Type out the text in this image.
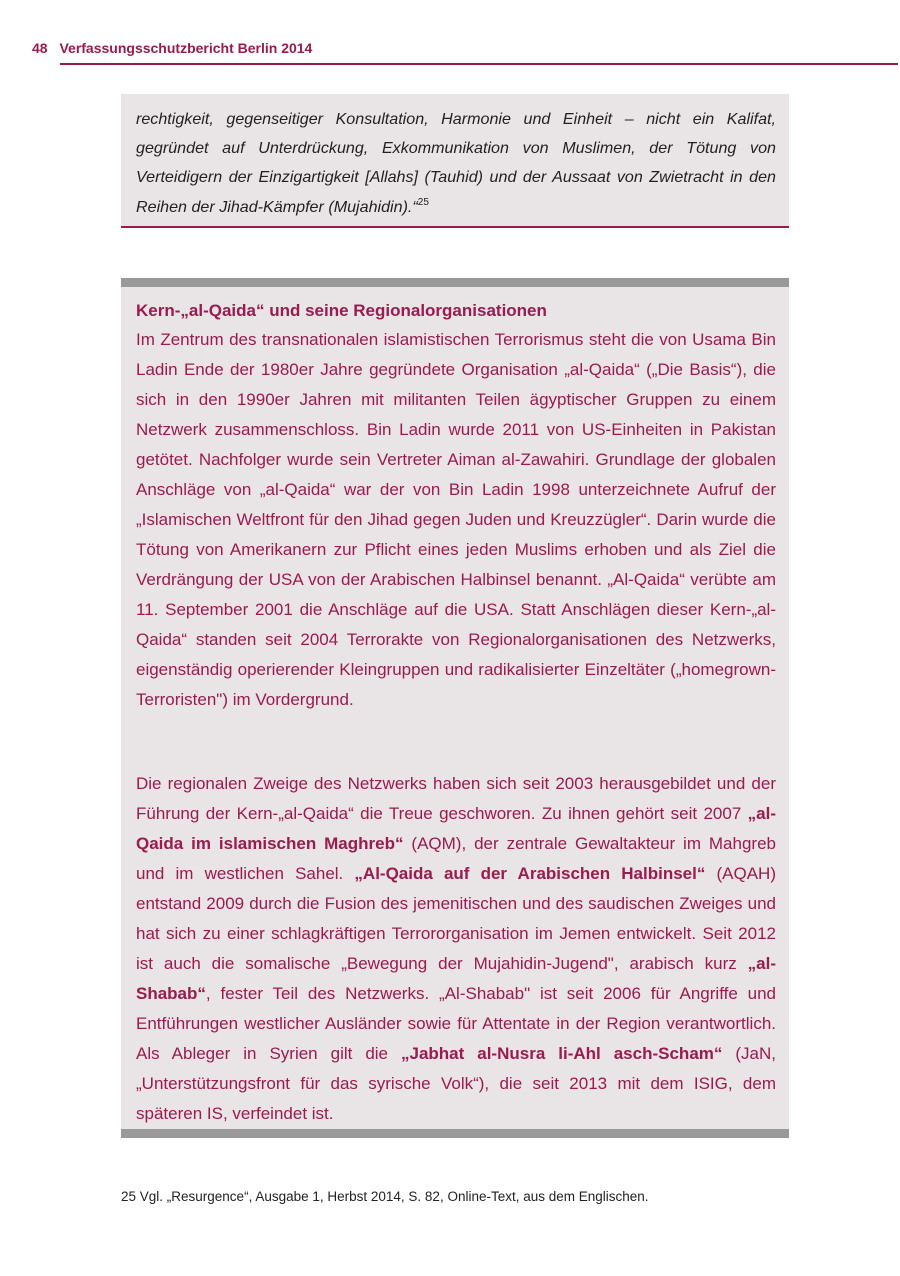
48 Verfassungsschutzbericht Berlin 2014
rechtigkeit, gegenseitiger Konsultation, Harmonie und Einheit – nicht ein Kalifat, gegründet auf Unterdrückung, Exkommunikation von Muslimen, der Tötung von Verteidigern der Einzigartigkeit [Allahs] (Tauhid) und der Aussaat von Zwietracht in den Reihen der Jihad-Kämpfer (Mujahidin).“$^{25}$
Kern-„al-Qaida“ und seine Regionalorganisationen
Im Zentrum des transnationalen islamistischen Terrorismus steht die von Usama Bin Ladin Ende der 1980er Jahre gegründete Organisation „al-Qaida“ („Die Basis“), die sich in den 1990er Jahren mit militanten Teilen ägyptischer Gruppen zu einem Netzwerk zusammenschloss. Bin Ladin wurde 2011 von US-Einheiten in Pakistan getötet. Nachfolger wurde sein Vertreter Aiman al-Zawahiri. Grundlage der globalen Anschläge von „al-Qaida“ war der von Bin Ladin 1998 unterzeichnete Aufruf der „Islamischen Weltfront für den Jihad gegen Juden und Kreuzzügler“. Darin wurde die Tötung von Amerikanern zur Pflicht eines jeden Muslims erhoben und als Ziel die Verdrängung der USA von der Arabischen Halbinsel benannt. „Al-Qaida“ verübte am 11. September 2001 die Anschläge auf die USA. Statt Anschlägen dieser Kern-„al-Qaida“ standen seit 2004 Terrorakte von Regionalorganisationen des Netzwerks, eigenständig operierender Kleingruppen und radikalisierter Einzeltäter („homegrown-Terroristen") im Vordergrund.
Die regionalen Zweige des Netzwerks haben sich seit 2003 herausgebildet und der Führung der Kern-„al-Qaida“ die Treue geschworen. Zu ihnen gehört seit 2007 „al-Qaida im islamischen Maghreb“ (AQM), der zentrale Gewaltakteur im Mahgreb und im westlichen Sahel. „Al-Qaida auf der Arabischen Halbinsel“ (AQAH) entstand 2009 durch die Fusion des jemenitischen und des saudischen Zweiges und hat sich zu einer schlagkräftigen Terrororganisation im Jemen entwickelt. Seit 2012 ist auch die somalische „Bewegung der Mujahidin-Jugend", arabisch kurz „al-Shabab“, fester Teil des Netzwerks. „Al-Shabab" ist seit 2006 für Angriffe und Entführungen westlicher Ausländer sowie für Attentate in der Region verantwortlich. Als Ableger in Syrien gilt die „Jabhat al-Nusra li-Ahl asch-Scham“ (JaN, „Unterstützungsfront für das syrische Volk“), die seit 2013 mit dem ISIG, dem späteren IS, verfeindet ist.
25 Vgl. „Resurgence“, Ausgabe 1, Herbst 2014, S. 82, Online-Text, aus dem Englischen.
